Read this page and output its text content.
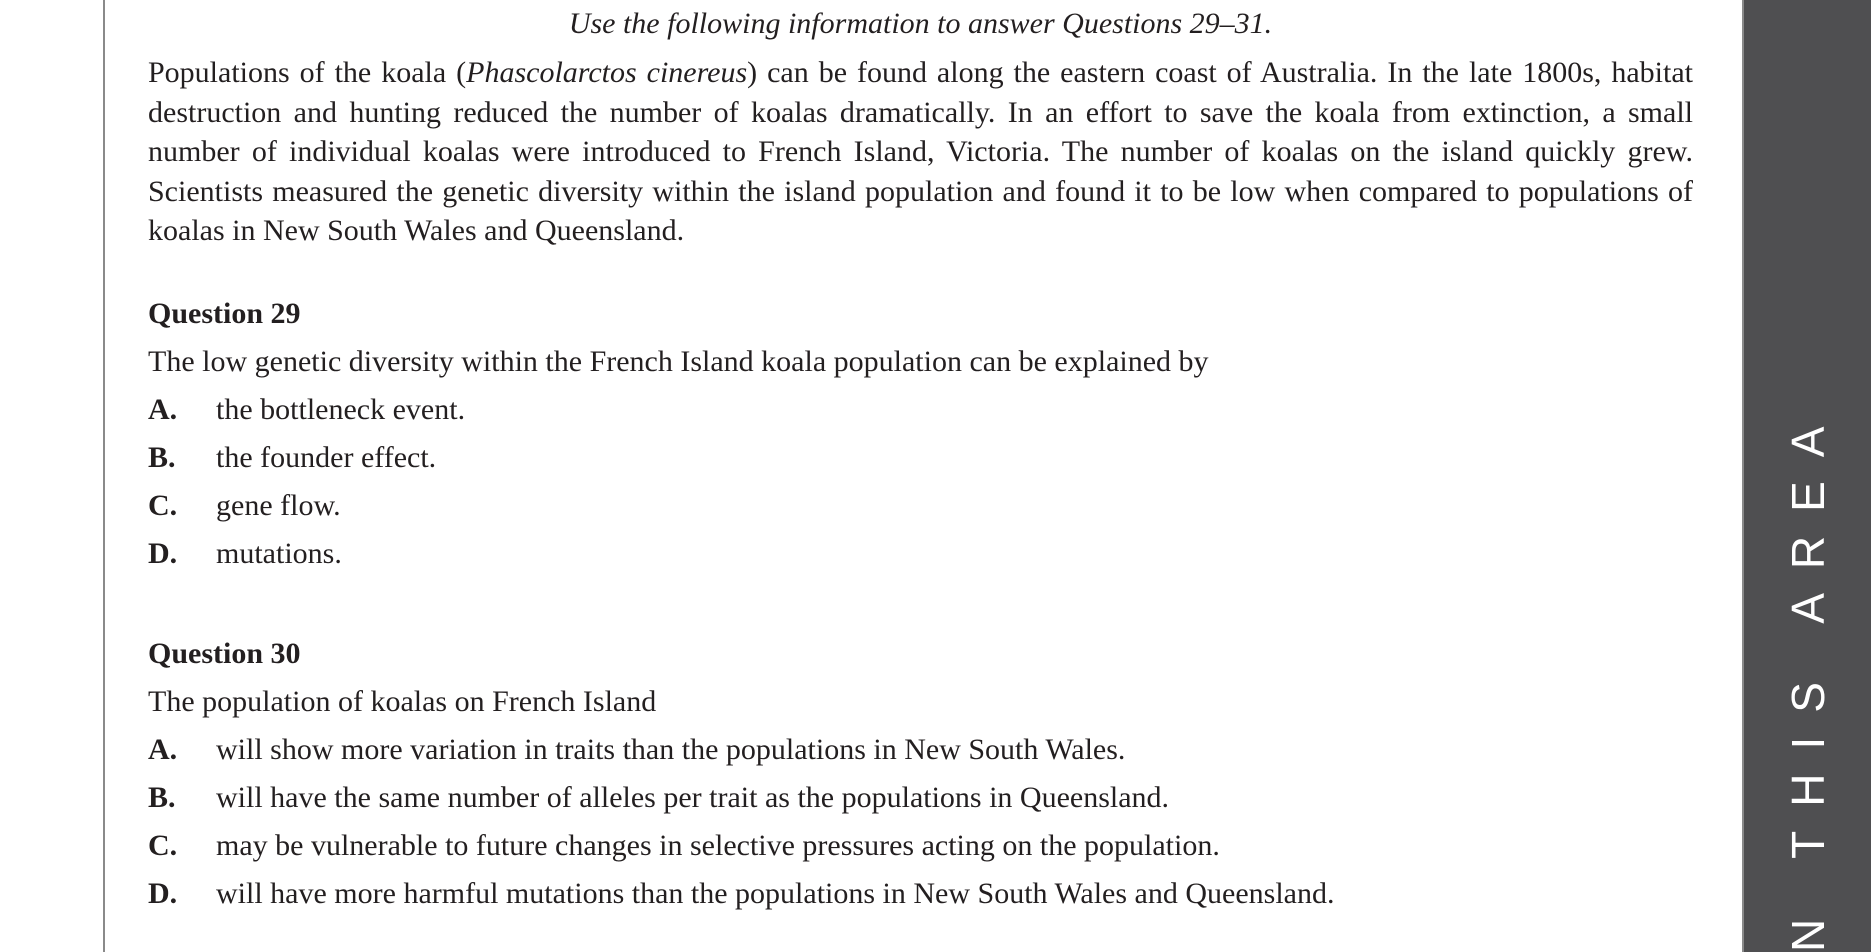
N THIS AREA
Use the following information to answer Questions 29–31.
Populations of the koala (Phascolarctos cinereus) can be found along the eastern coast of Australia. In the late 1800s, habitat destruction and hunting reduced the number of koalas dramatically. In an effort to save the koala from extinction, a small number of individual koalas were introduced to French Island, Victoria. The number of koalas on the island quickly grew. Scientists measured the genetic diversity within the island population and found it to be low when compared to populations of koalas in New South Wales and Queensland.
Question 29
The low genetic diversity within the French Island koala population can be explained by
A. the bottleneck event.
B. the founder effect.
C. gene flow.
D. mutations.
Question 30
The population of koalas on French Island
A. will show more variation in traits than the populations in New South Wales.
B. will have the same number of alleles per trait as the populations in Queensland.
C. may be vulnerable to future changes in selective pressures acting on the population.
D. will have more harmful mutations than the populations in New South Wales and Queensland.
